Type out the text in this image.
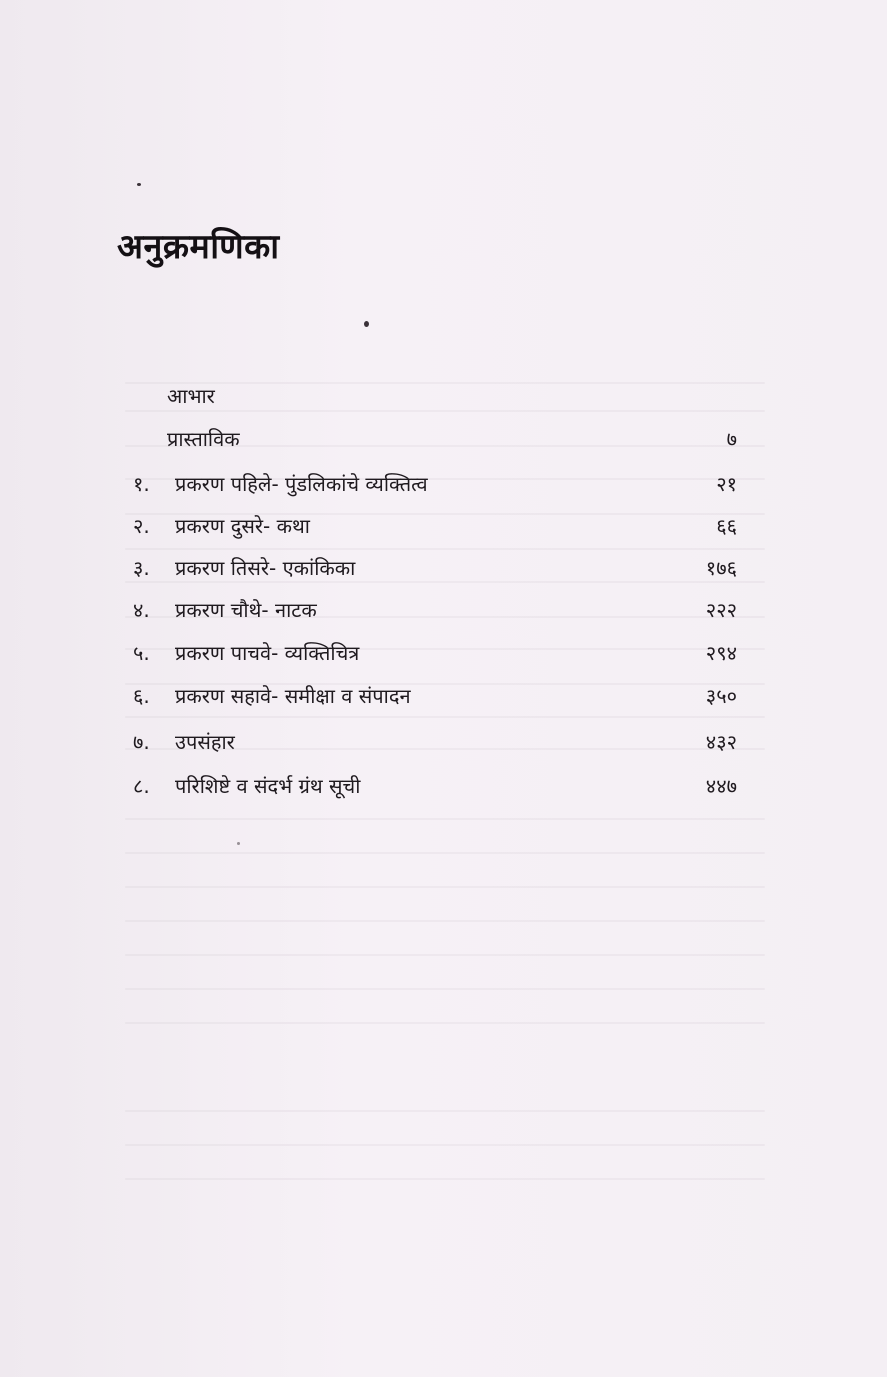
अनुक्रमणिका
आभार
प्रास्ताविक	७
१. प्रकरण पहिले- पुंडलिकांचे व्यक्तित्व	२१
२. प्रकरण दुसरे- कथा	६६
३. प्रकरण तिसरे- एकांकिका	१७६
४. प्रकरण चौथे- नाटक	२२२
५. प्रकरण पाचवे- व्यक्तिचित्र	२९४
६. प्रकरण सहावे- समीक्षा व संपादन	३५०
७. उपसंहार	४३२
८. परिशिष्टे व संदर्भ ग्रंथ सूची	४४७
